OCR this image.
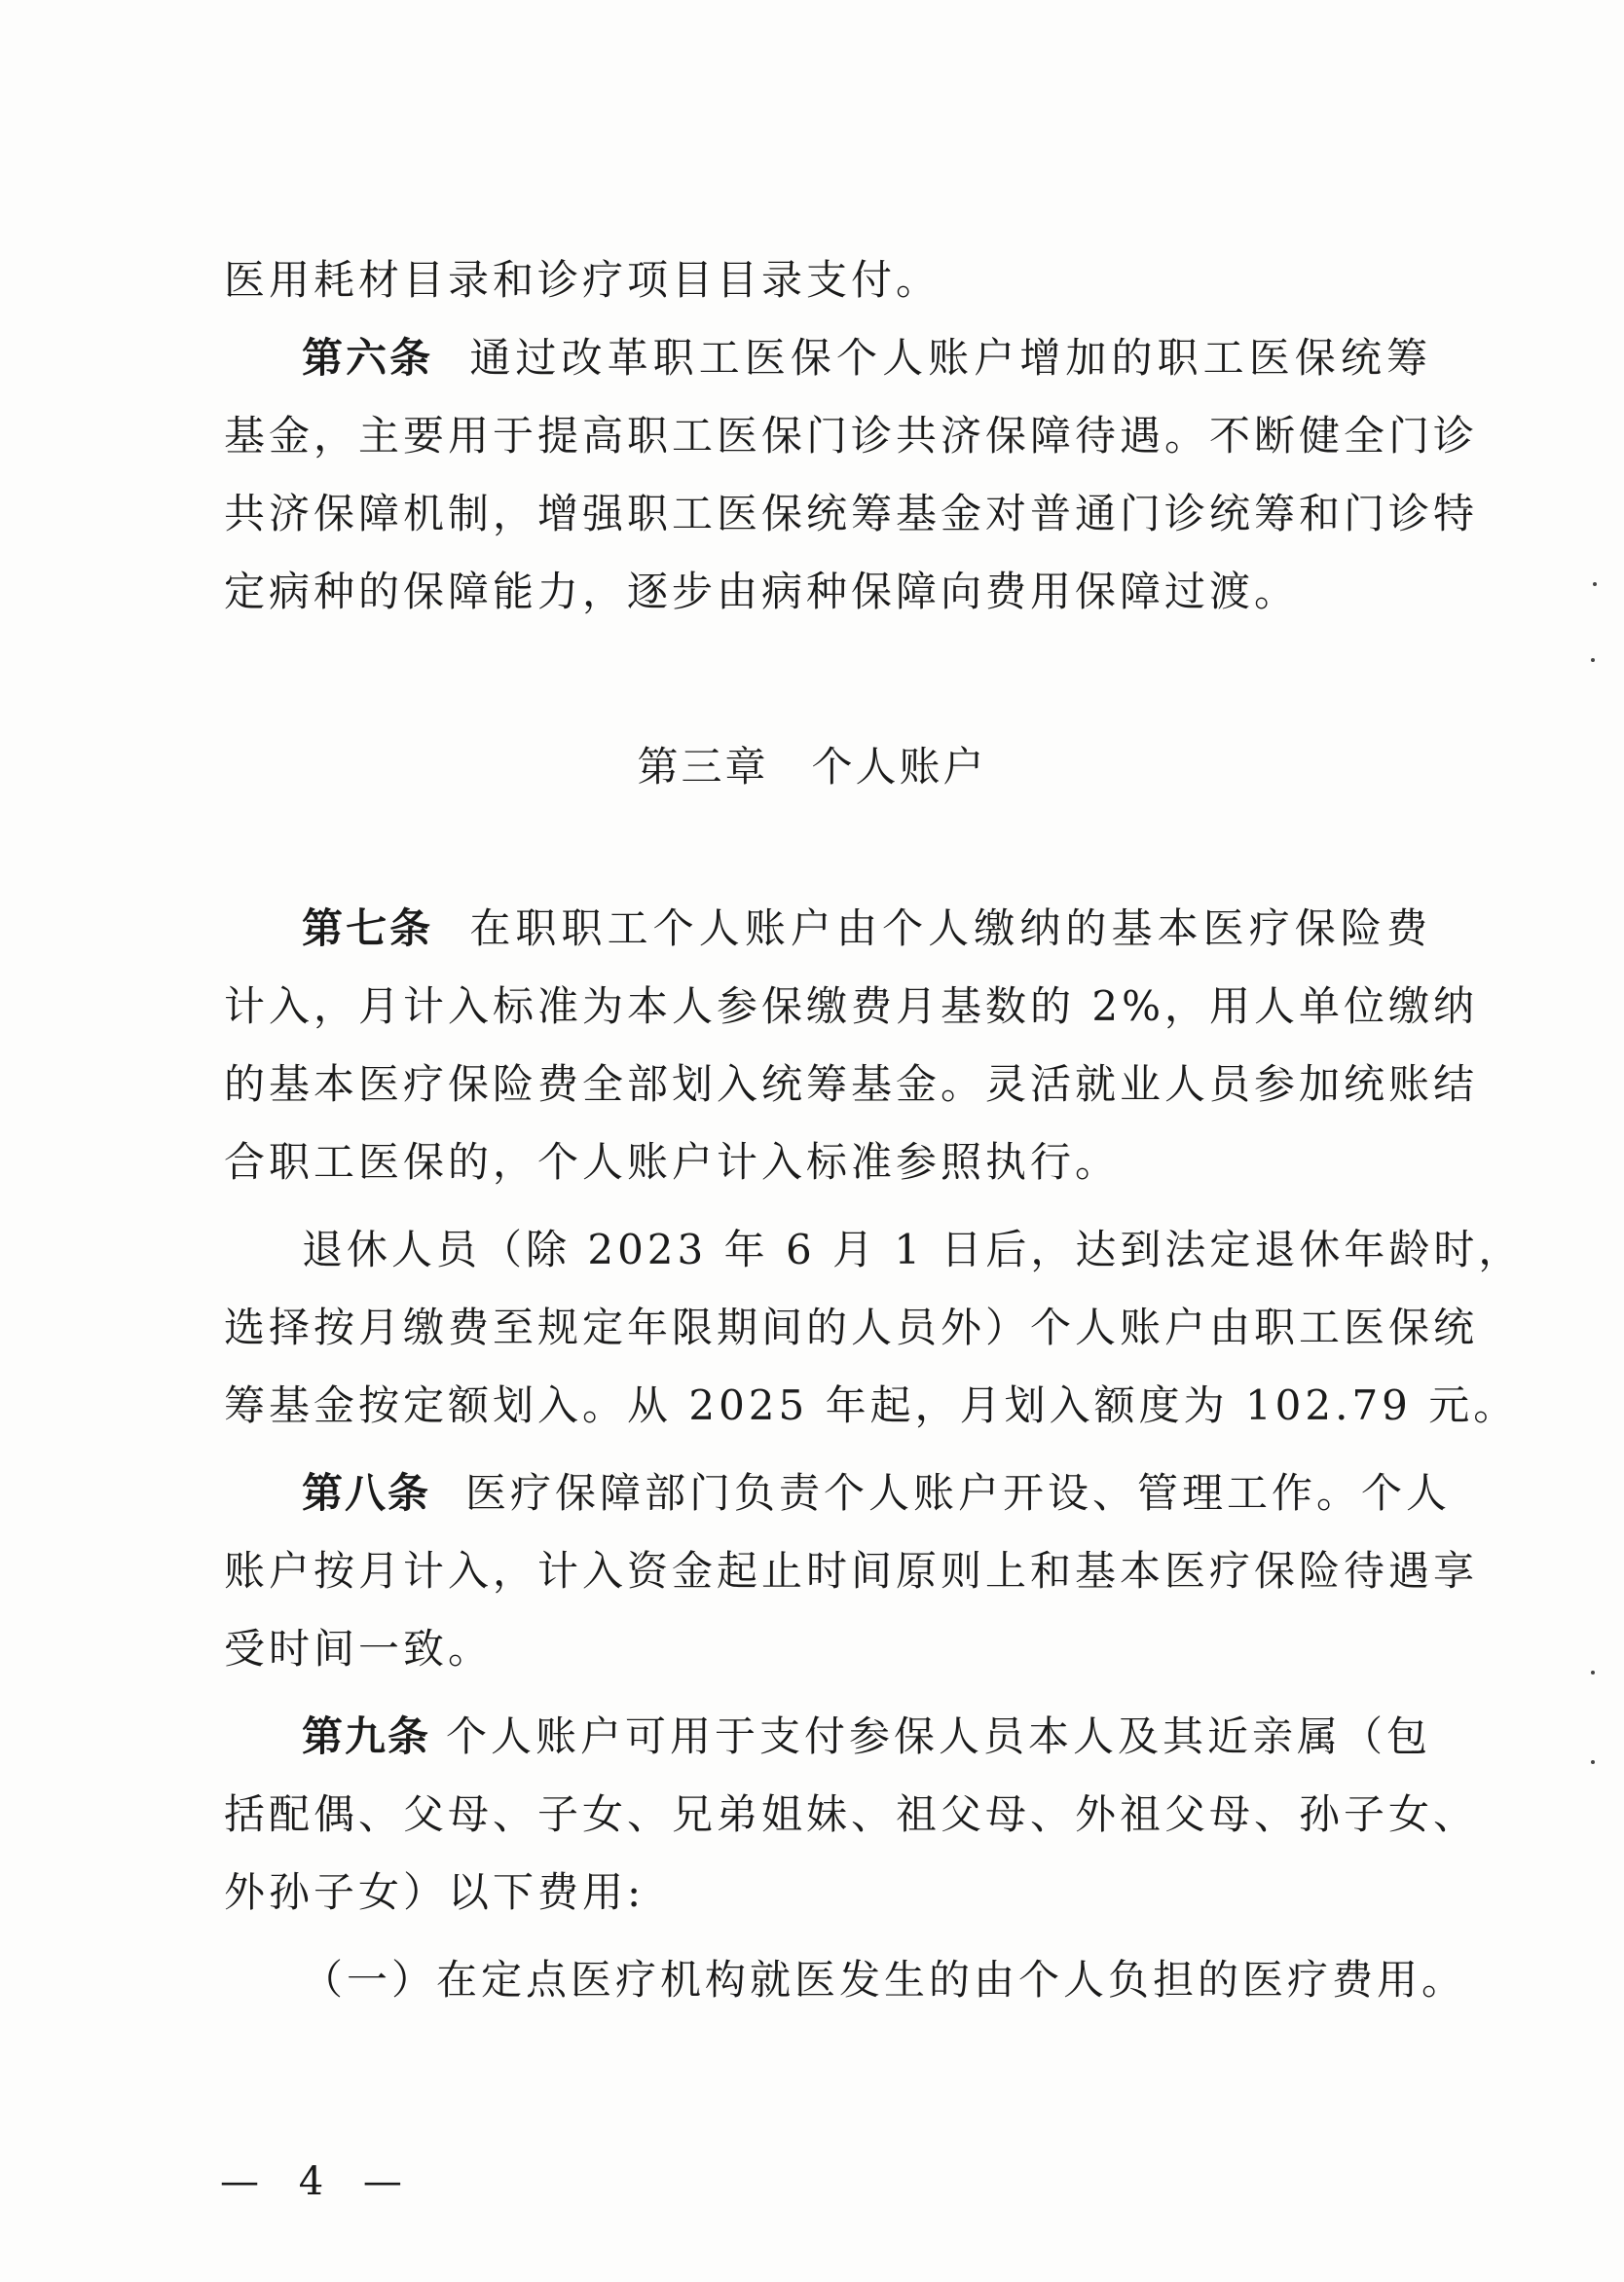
医用耗材目录和诊疗项目目录支付。
第六条 通过改革职工医保个人账户增加的职工医保统筹
基金，主要用于提高职工医保门诊共济保障待遇。不断健全门诊
共济保障机制，增强职工医保统筹基金对普通门诊统筹和门诊特
定病种的保障能力，逐步由病种保障向费用保障过渡。
第三章 个人账户
第七条 在职职工个人账户由个人缴纳的基本医疗保险费
计入，月计入标准为本人参保缴费月基数的 2%，用人单位缴纳
的基本医疗保险费全部划入统筹基金。灵活就业人员参加统账结
合职工医保的，个人账户计入标准参照执行。
退休人员（除 2023 年 6 月 1 日后，达到法定退休年龄时，
选择按月缴费至规定年限期间的人员外）个人账户由职工医保统
筹基金按定额划入。从 2025 年起，月划入额度为 102.79 元。
第八条 医疗保障部门负责个人账户开设、管理工作。个人
账户按月计入，计入资金起止时间原则上和基本医疗保险待遇享
受时间一致。
第九条 个人账户可用于支付参保人员本人及其近亲属（包
括配偶、父母、子女、兄弟姐妹、祖父母、外祖父母、孙子女、
外孙子女）以下费用:
（一）在定点医疗机构就医发生的由个人负担的医疗费用。
— 4 —
